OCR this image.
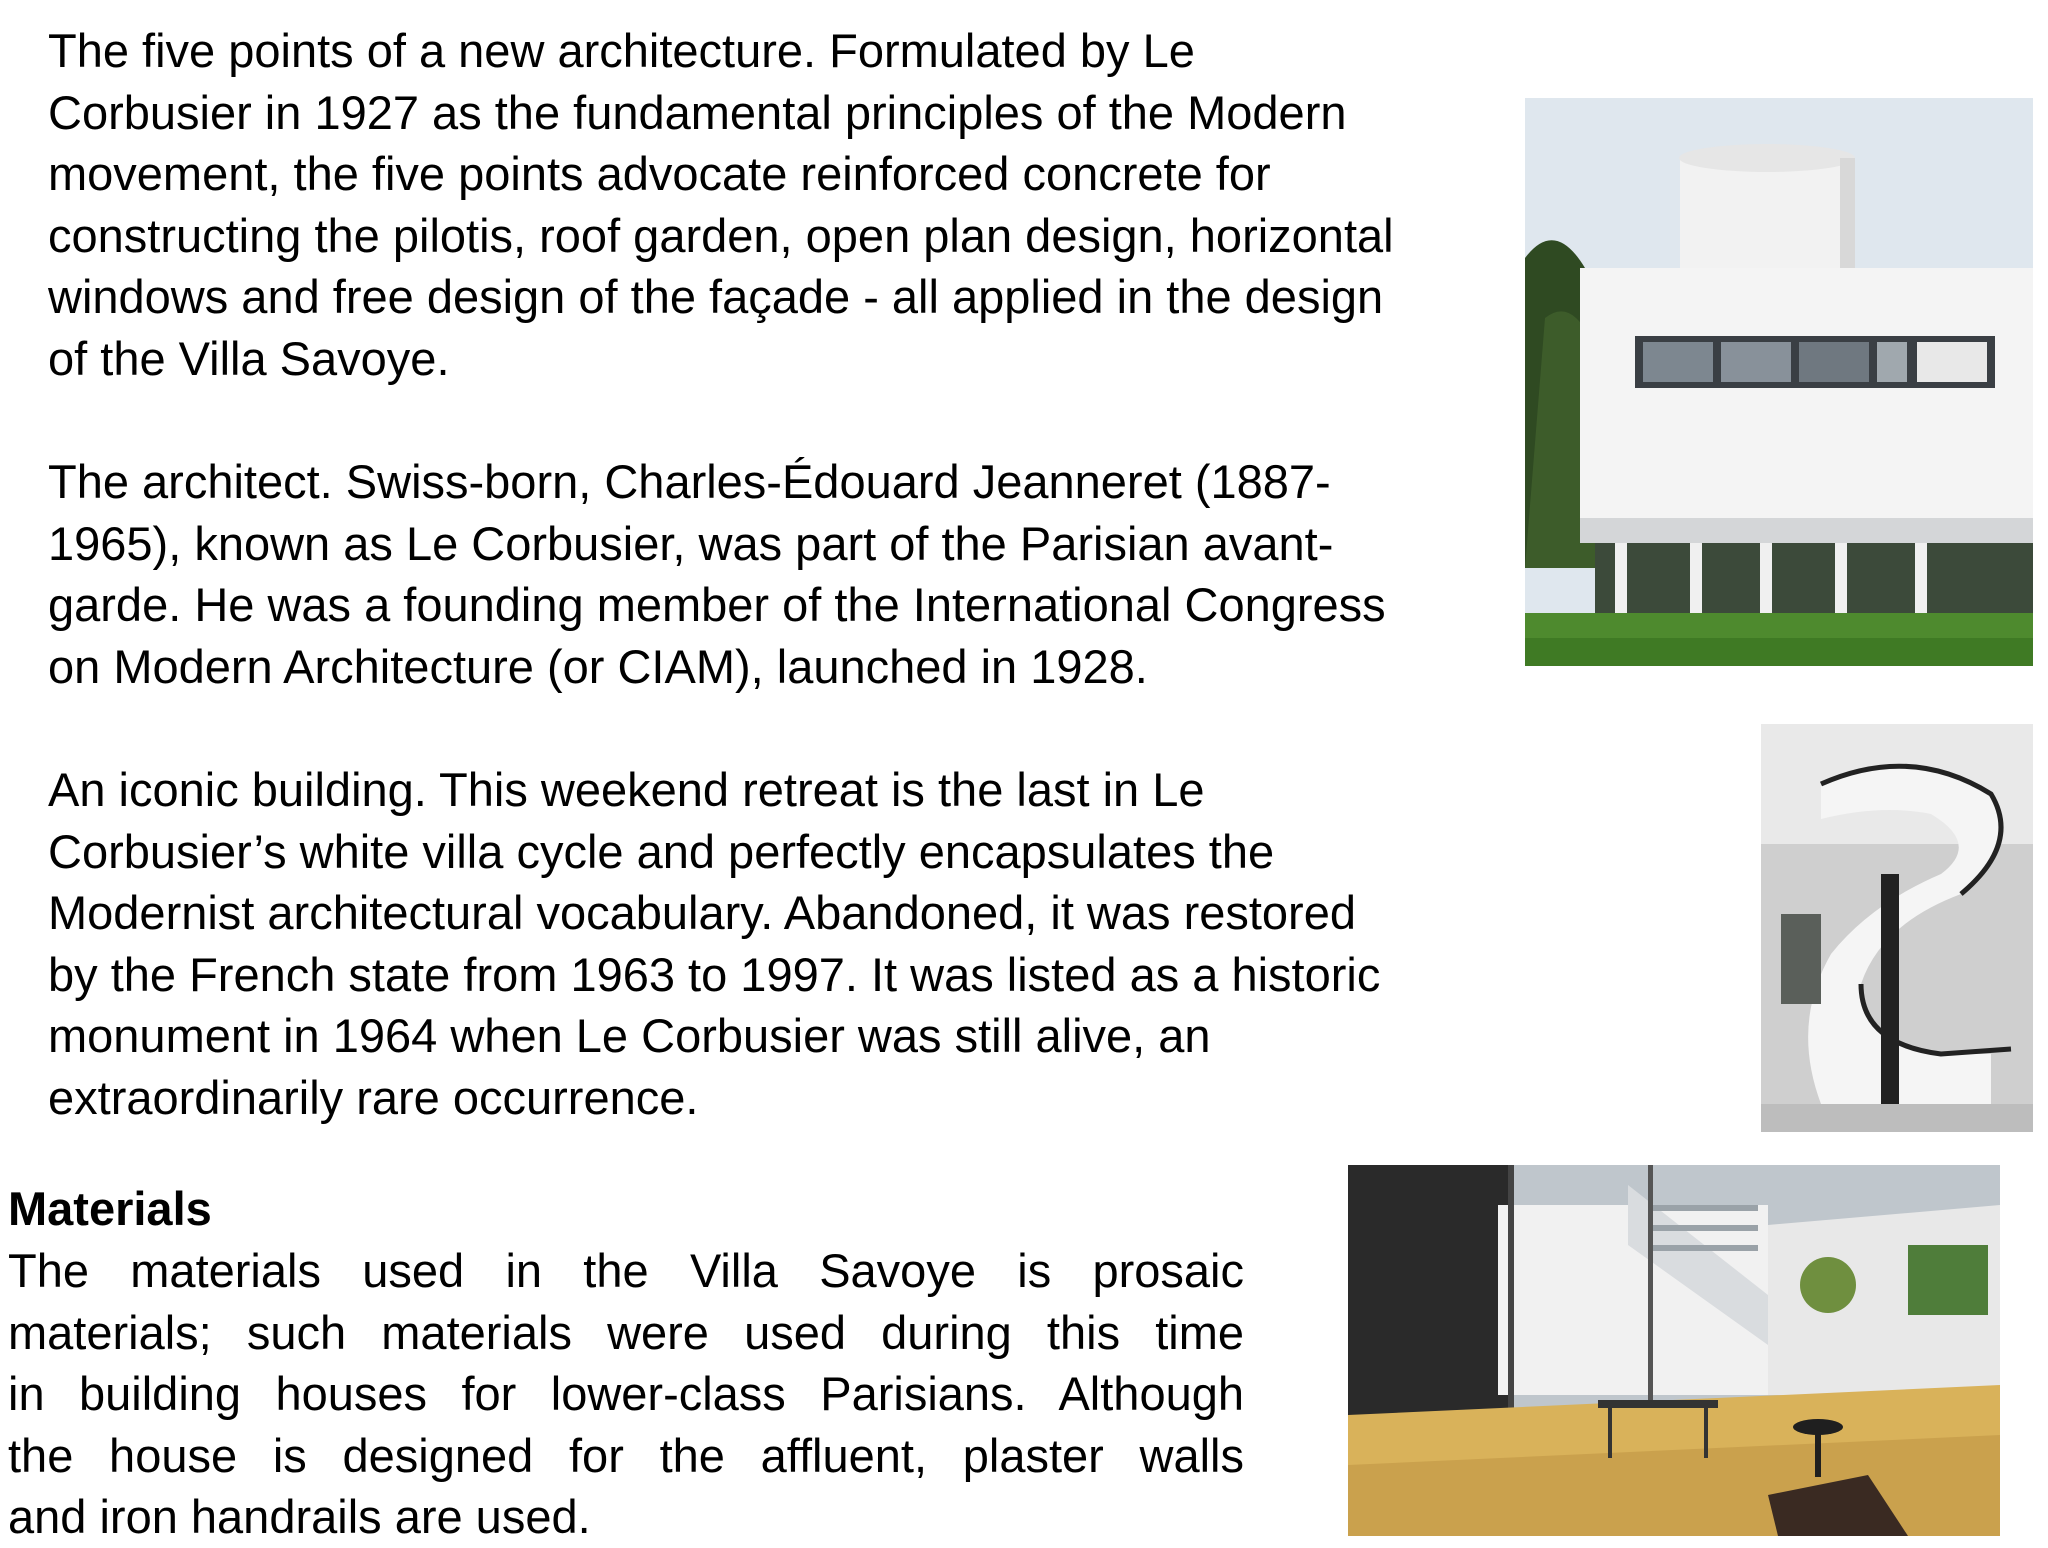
The five points of a new architecture. Formulated by Le
Corbusier in 1927 as the fundamental principles of the Modern
movement, the five points advocate reinforced concrete for
constructing the pilotis, roof garden, open plan design, horizontal
windows and free design of the façade - all applied in the design
of the Villa Savoye.
The architect. Swiss-born, Charles-Édouard Jeanneret (1887-
1965), known as Le Corbusier, was part of the Parisian avant-
garde. He was a founding member of the International Congress
on Modern Architecture (or CIAM), launched in 1928.
An iconic building. This weekend retreat is the last in Le
Corbusier’s white villa cycle and perfectly encapsulates the
Modernist architectural vocabulary. Abandoned, it was restored
by the French state from 1963 to 1997. It was listed as a historic
monument in 1964 when Le Corbusier was still alive, an
extraordinarily rare occurrence.
Materials
The materials used in the Villa Savoye is prosaic
materials; such materials were used during this time
in building houses for lower-class Parisians. Although
the house is designed for the affluent, plaster walls
and iron handrails are used.
